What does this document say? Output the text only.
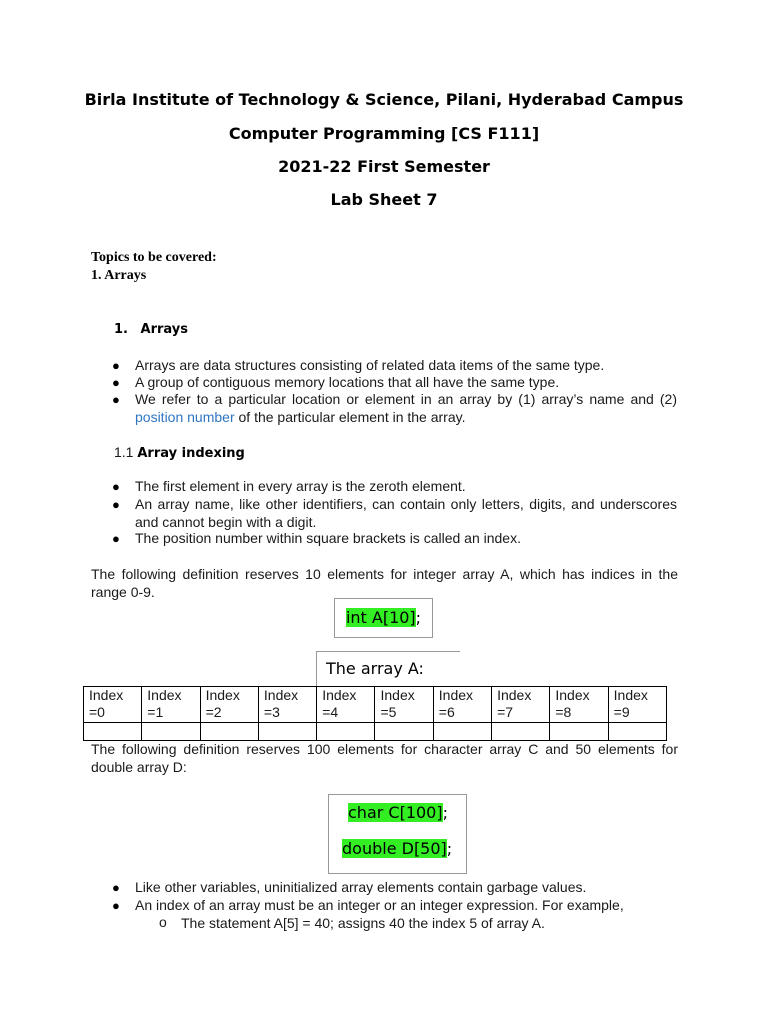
Birla Institute of Technology & Science, Pilani, Hyderabad Campus
Computer Programming [CS F111]
2021-22 First Semester
Lab Sheet 7
Topics to be covered:
1. Arrays
1. Arrays
● Arrays are data structures consisting of related data items of the same type.
● A group of contiguous memory locations that all have the same type.
● We refer to a particular location or element in an array by (1) array’s name and (2) position number of the particular element in the array.
1.1 Array indexing
● The first element in every array is the zeroth element.
● An array name, like other identifiers, can contain only letters, digits, and underscores and cannot begin with a digit.
● The position number within square brackets is called an index.
The following definition reserves 10 elements for integer array A, which has indices in the range 0-9.
int A[10];
The array A:
Index =0	Index =1	Index =2	Index =3	Index =4	Index =5	Index =6	Index =7	Index =8	Index =9

The following definition reserves 100 elements for character array C and 50 elements for double array D:
char C[100];
double D[50];
● Like other variables, uninitialized array elements contain garbage values.
● An index of an array must be an integer or an integer expression. For example,
o The statement A[5] = 40; assigns 40 the index 5 of array A.
